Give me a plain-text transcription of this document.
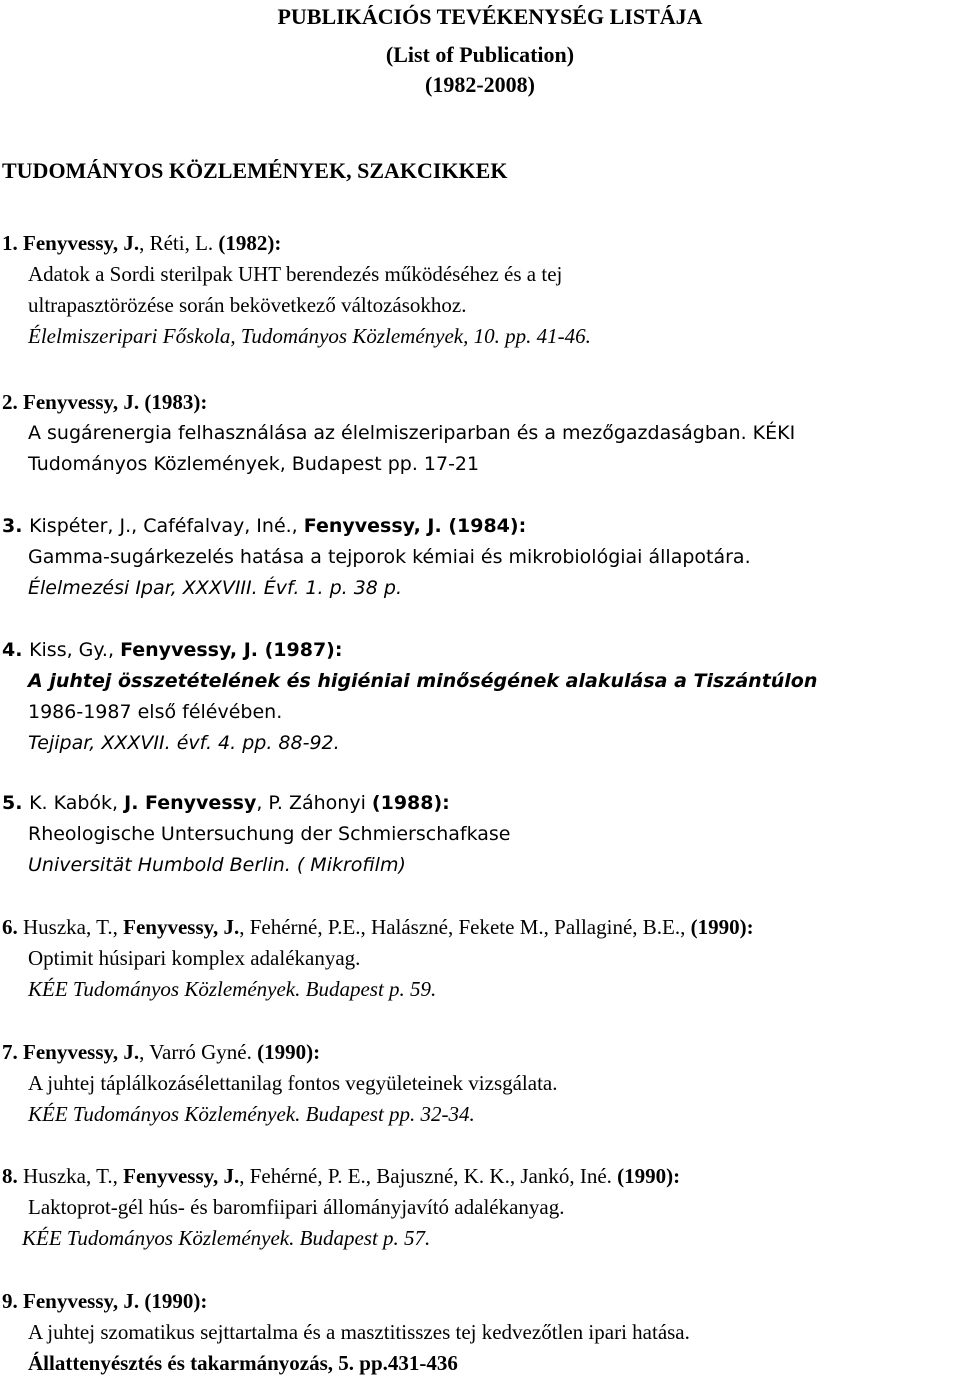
PUBLIKÁCIÓS TEVÉKENYSÉG LISTÁJA
(List of Publication)
(1982-2008)
TUDOMÁNYOS KÖZLEMÉNYEK, SZAKCIKKEK
1. Fenyvessy, J., Réti, L. (1982):
Adatok a Sordi sterilpak UHT berendezés működéséhez és a tej
ultrapasztörözése során bekövetkező változásokhoz.
Élelmiszeripari Főskola, Tudományos Közlemények, 10. pp. 41-46.
2. Fenyvessy, J. (1983):
A sugárenergia felhasználása az élelmiszeriparban és a mezőgazdaságban. KÉKI
Tudományos Közlemények, Budapest pp. 17-21
3. Kispéter, J., Caféfalvay, Iné., Fenyvessy, J. (1984):
Gamma-sugárkezelés hatása a tejporok kémiai és mikrobiológiai állapotára.
Élelmezési Ipar, XXXVIII. Évf. 1. p. 38 p.
4. Kiss, Gy., Fenyvessy, J. (1987):
A juhtej összetételének és higiéniai minőségének alakulása a Tiszántúlon
1986-1987 első félévében.
Tejipar, XXXVII. évf. 4. pp. 88-92.
5. K. Kabók, J. Fenyvessy, P. Záhonyi (1988):
Rheologische Untersuchung der Schmierschafkase
Universität Humbold Berlin. ( Mikrofilm)
6. Huszka, T., Fenyvessy, J., Fehérné, P.E., Halászné, Fekete M., Pallaginé, B.E., (1990):
Optimit húsipari komplex adalékanyag.
KÉE Tudományos Közlemények. Budapest p. 59.
7. Fenyvessy, J., Varró Gyné. (1990):
A juhtej táplálkozásélettanilag fontos vegyületeinek vizsgálata.
KÉE Tudományos Közlemények. Budapest pp. 32-34.
8. Huszka, T., Fenyvessy, J., Fehérné, P. E., Bajuszné, K. K., Jankó, Iné. (1990):
Laktoprot-gél hús- és baromfiipari állományjavító adalékanyag.
KÉE Tudományos Közlemények. Budapest p. 57.
9. Fenyvessy, J. (1990):
A juhtej szomatikus sejttartalma és a masztitisszes tej kedvezőtlen ipari hatása.
Állattenyésztés és takarmányozás, 5. pp.431-436
